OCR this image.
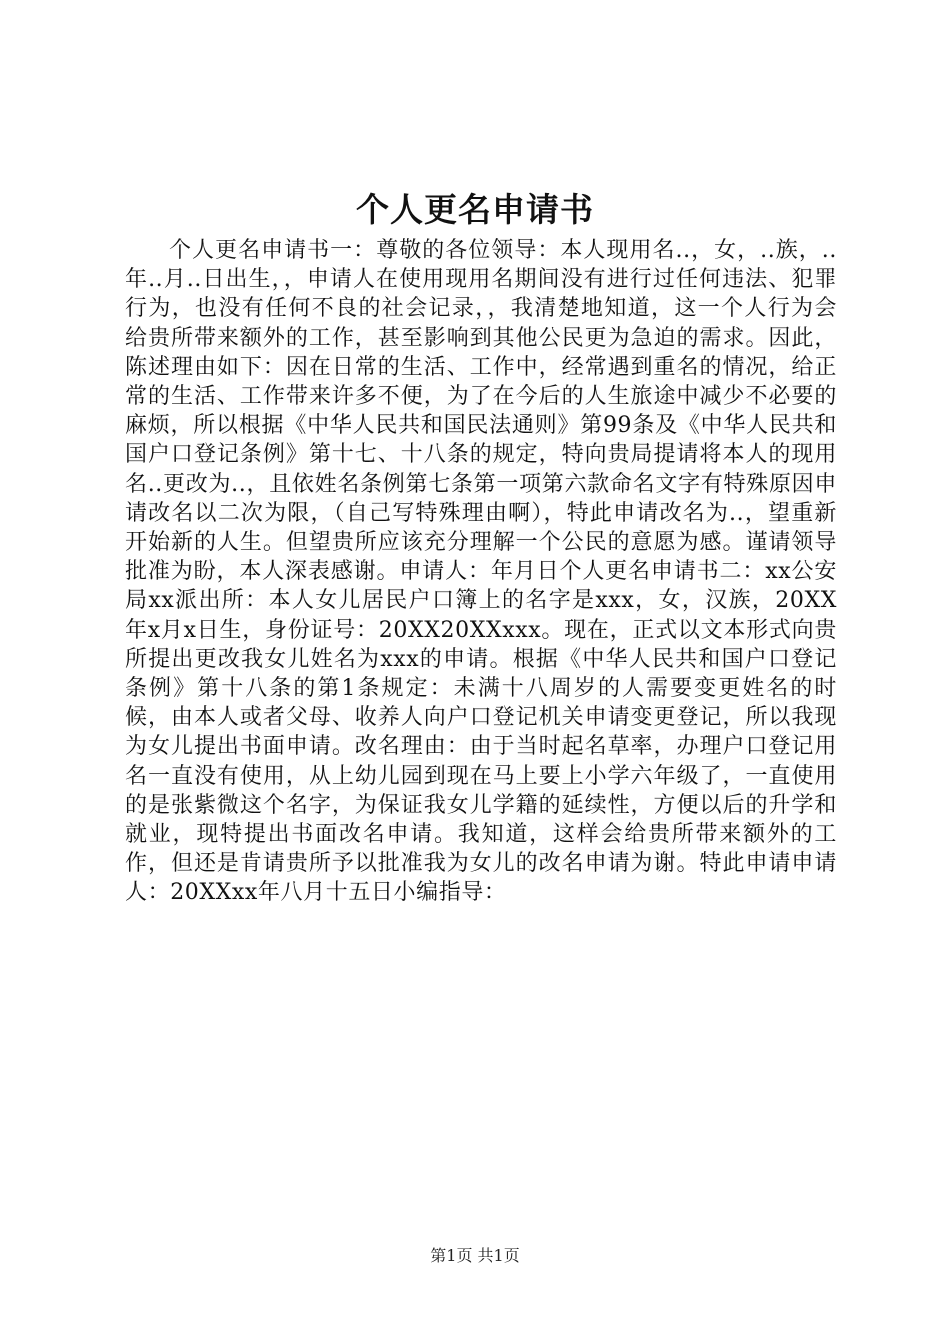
个人更名申请书

个人更名申请书一：尊敬的各位领导：本人现用名..，女，..族，..年..月..日出生，，申请人在使用现用名期间没有进行过任何违法、犯罪行为，也没有任何不良的社会记录，，我清楚地知道，这一个人行为会给贵所带来额外的工作，甚至影响到其他公民更为急迫的需求。因此，陈述理由如下：因在日常的生活、工作中，经常遇到重名的情况，给正常的生活、工作带来许多不便，为了在今后的人生旅途中减少不必要的麻烦，所以根据《中华人民共和国民法通则》第99条及《中华人民共和国户口登记条例》第十七、十八条的规定，特向贵局提请将本人的现用名..更改为..，且依姓名条例第七条第一项第六款命名文字有特殊原因申请改名以二次为限，（自己写特殊理由啊），特此申请改名为..，望重新开始新的人生。但望贵所应该充分理解一个公民的意愿为感。谨请领导批准为盼，本人深表感谢。申请人：年月日个人更名申请书二：xx公安局xx派出所：本人女儿居民户口簿上的名字是xxx，女，汉族，20XX年x月x日生，身份证号：20XX20XXxxx。现在，正式以文本形式向贵所提出更改我女儿姓名为xxx的申请。根据《中华人民共和国户口登记条例》第十八条的第1条规定：未满十八周岁的人需要变更姓名的时候，由本人或者父母、收养人向户口登记机关申请变更登记，所以我现为女儿提出书面申请。改名理由：由于当时起名草率，办理户口登记用名一直没有使用，从上幼儿园到现在马上要上小学六年级了，一直使用的是张紫微这个名字，为保证我女儿学籍的延续性，方便以后的升学和就业，现特提出书面改名申请。我知道，这样会给贵所带来额外的工作，但还是肯请贵所予以批准我为女儿的改名申请为谢。特此申请申请人：20XXxx年八月十五日小编指导：

第1页 共1页
